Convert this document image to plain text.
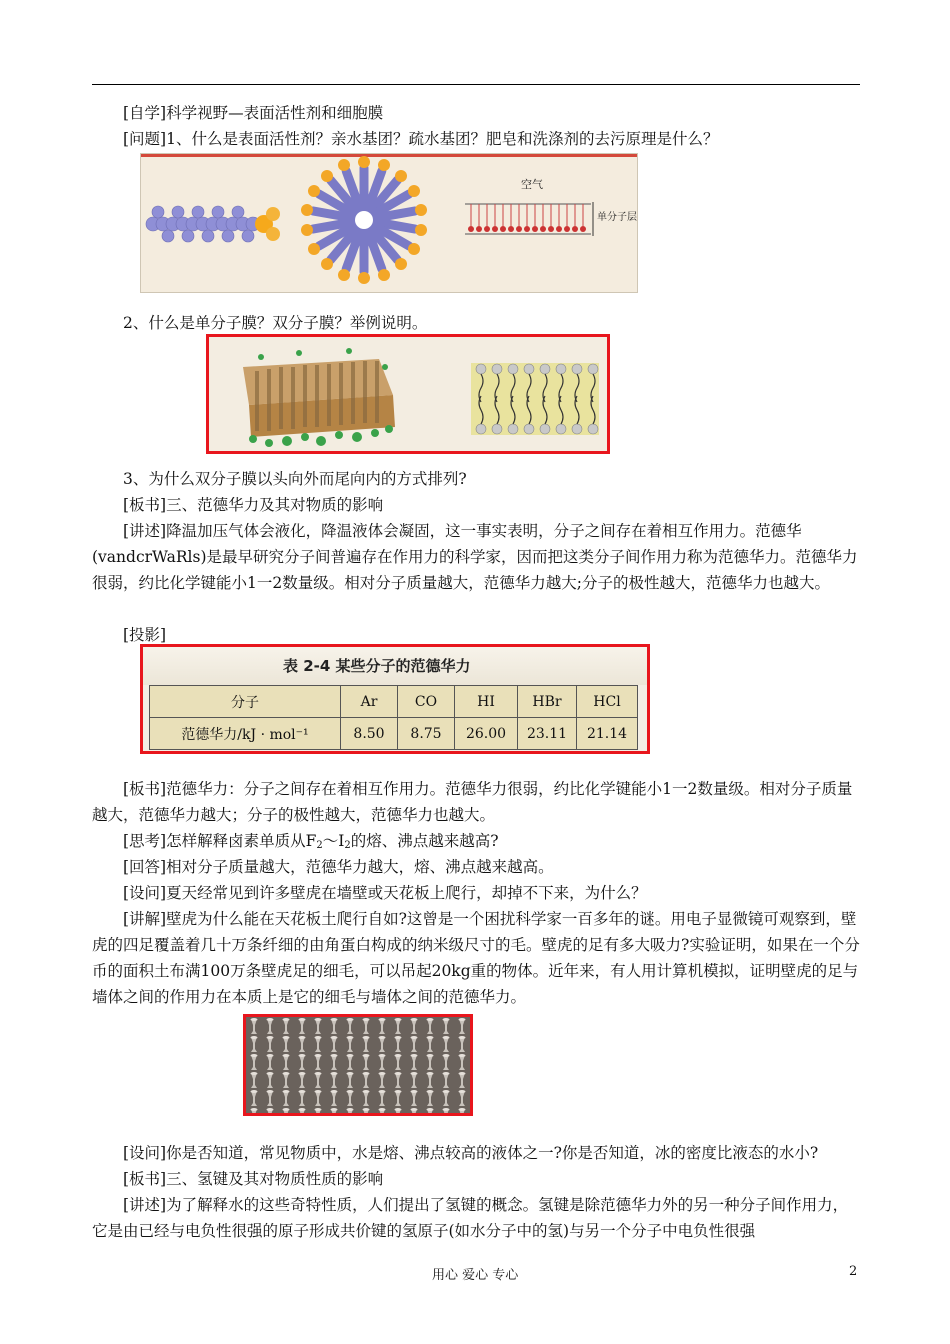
[自学]科学视野—表面活性剂和细胞膜

[问题]1、什么是表面活性剂？亲水基团？疏水基团？肥皂和洗涤剂的去污原理是什么？

空气
单分子层

2、什么是单分子膜？双分子膜？举例说明。

3、为什么双分子膜以头向外而尾向内的方式排列?

[板书]三、范德华力及其对物质的影响

[讲述]降温加压气体会液化，降温液体会凝固，这一事实表明，分子之间存在着相互作用力。范德华(vandcrWaRls)是最早研究分子间普遍存在作用力的科学家，因而把这类分子间作用力称为范德华力。范德华力很弱，约比化学键能小1一2数量级。相对分子质量越大，范德华力越大;分子的极性越大，范德华力也越大。

[投影]

表 2-4 某些分子的范德华力
分子	Ar	CO	HI	HBr	HCl
范德华力/kJ · mol⁻¹	8.50	8.75	26.00	23.11	21.14

[板书]范德华力：分子之间存在着相互作用力。范德华力很弱，约比化学键能小1一2数量级。相对分子质量越大，范德华力越大；分子的极性越大，范德华力也越大。

[思考]怎样解释卤素单质从$F_2\sim I_2$的熔、沸点越来越高?

[回答]相对分子质量越大，范德华力越大，熔、沸点越来越高。

[设问]夏天经常见到许多壁虎在墙壁或天花板上爬行，却掉不下来，为什么？

[讲解]壁虎为什么能在天花板土爬行自如?这曾是一个困扰科学家一百多年的谜。用电子显微镜可观察到，壁虎的四足覆盖着几十万条纤细的由角蛋白构成的纳米级尺寸的毛。壁虎的足有多大吸力?实验证明，如果在一个分币的面积土布满100万条壁虎足的细毛，可以吊起20kg重的物体。近年来，有人用计算机模拟，证明壁虎的足与墙体之间的作用力在本质上是它的细毛与墙体之间的范德华力。

[设问]你是否知道，常见物质中，水是熔、沸点较高的液体之一?你是否知道，冰的密度比液态的水小?

[板书]三、氢键及其对物质性质的影响

[讲述]为了解释水的这些奇特性质，人们提出了氢键的概念。氢键是除范德华力外的另一种分子间作用力，它是由已经与电负性很强的原子形成共价键的氢原子(如水分子中的氢)与另一个分子中电负性很强

用心 爱心 专心	2
